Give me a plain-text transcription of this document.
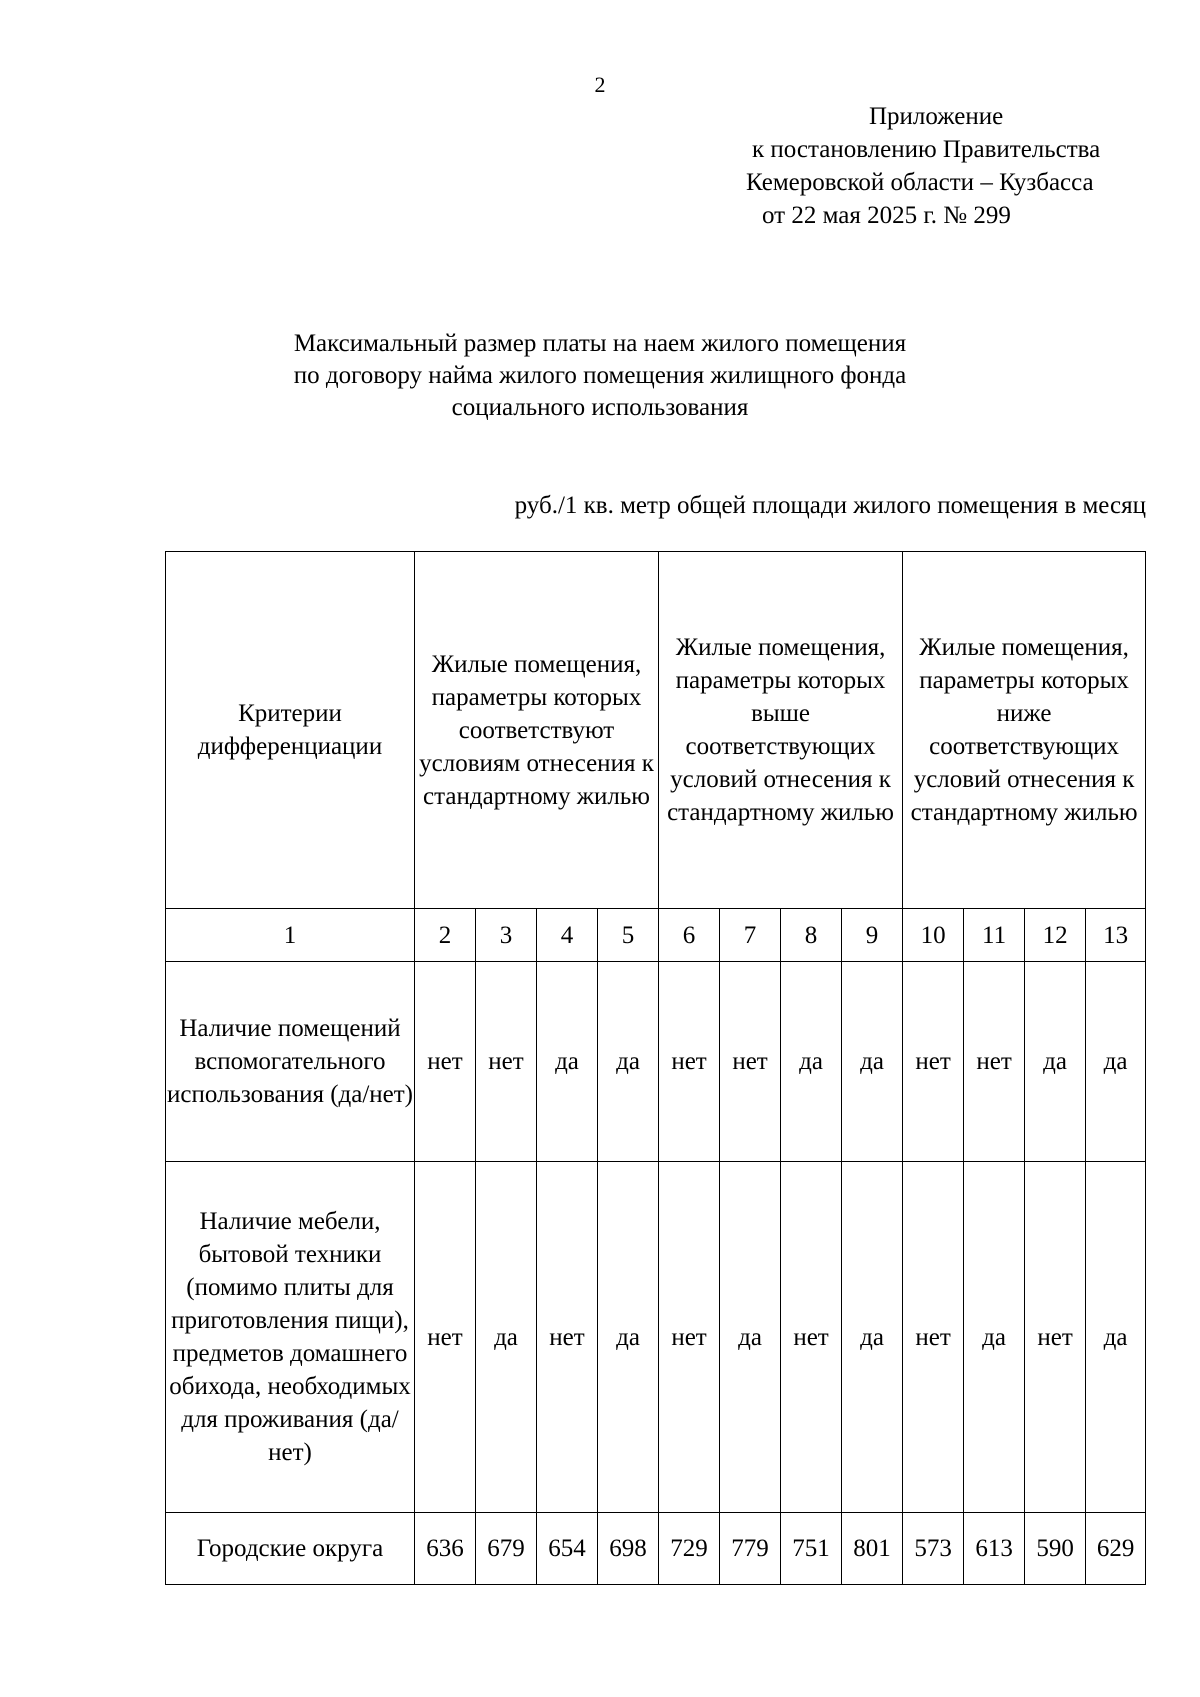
2
Приложение
к постановлению Правительства
Кемеровской области – Кузбасса
от 22 мая 2025 г. № 299
Максимальный размер платы на наем жилого помещения
по договору найма жилого помещения жилищного фонда
социального использования
руб./1 кв. метр общей площади жилого помещения в месяц
Критерии дифференциации	Жилые помещения, параметры которых соответствуют условиям отнесения к стандартному жилью				Жилые помещения, параметры которых выше соответствующих условий отнесения к стандартному жилью				Жилые помещения, параметры которых ниже соответствующих условий отнесения к стандартному жилью			

1	2	3	4	5	6	7	8	9	10	11	12	13
Наличие помещений вспомогательного использования (да/нет)	нет	нет	да	да	нет	нет	да	да	нет	нет	да	да
Наличие мебели, бытовой техники (помимо плиты для приготовления пищи), предметов домашнего обихода, необходимых для проживания (да/нет)	нет	да	нет	да	нет	да	нет	да	нет	да	нет	да
Городские округа	636	679	654	698	729	779	751	801	573	613	590	629
